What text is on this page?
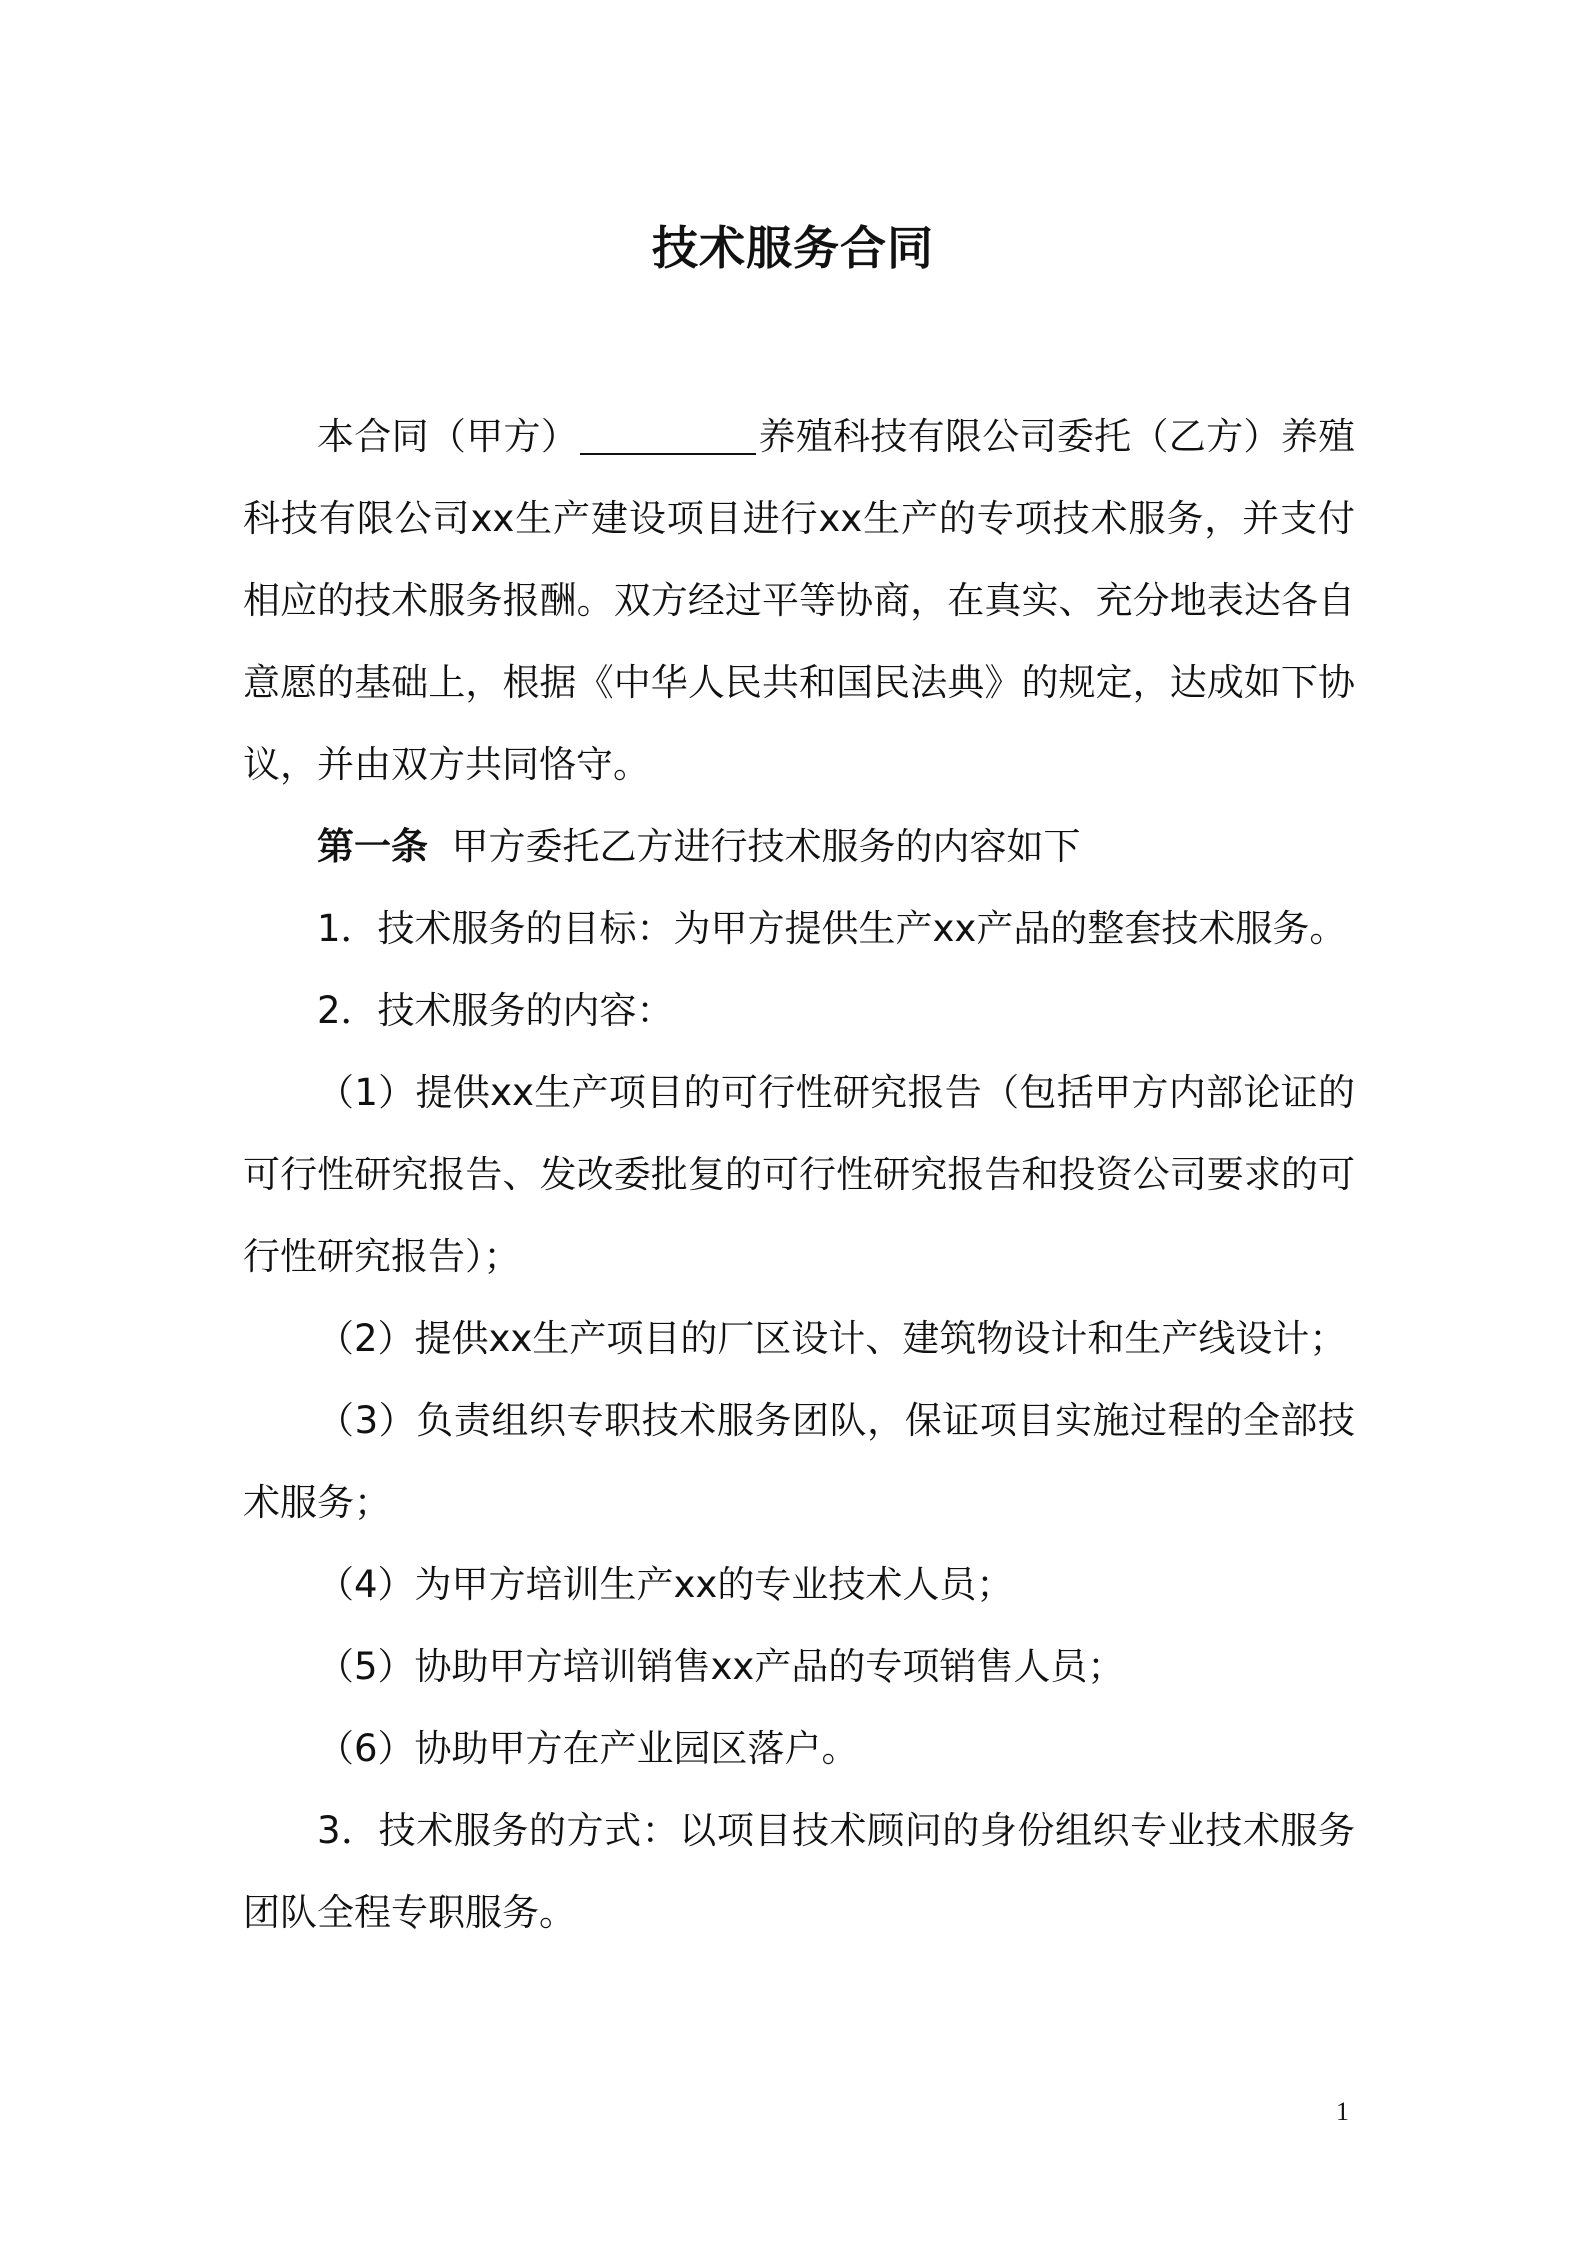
技术服务合同

本合同（甲方）	养殖科技有限公司委托（乙方）养殖科技有限公司xx生产建设项目进行xx生产的专项技术服务，并支付相应的技术服务报酬。双方经过平等协商，在真实、充分地表达各自意愿的基础上，根据《中华人民共和国民法典》的规定，达成如下协议，并由双方共同恪守。

第一条 甲方委托乙方进行技术服务的内容如下

1．技术服务的目标：为甲方提供生产xx产品的整套技术服务。

2．技术服务的内容：

（1）提供xx生产项目的可行性研究报告（包括甲方内部论证的可行性研究报告、发改委批复的可行性研究报告和投资公司要求的可行性研究报告）；

（2）提供xx生产项目的厂区设计、建筑物设计和生产线设计；

（3）负责组织专职技术服务团队，保证项目实施过程的全部技术服务；

（4）为甲方培训生产xx的专业技术人员；

（5）协助甲方培训销售xx产品的专项销售人员；

（6）协助甲方在产业园区落户。

3．技术服务的方式：以项目技术顾问的身份组织专业技术服务团队全程专职服务。

1
